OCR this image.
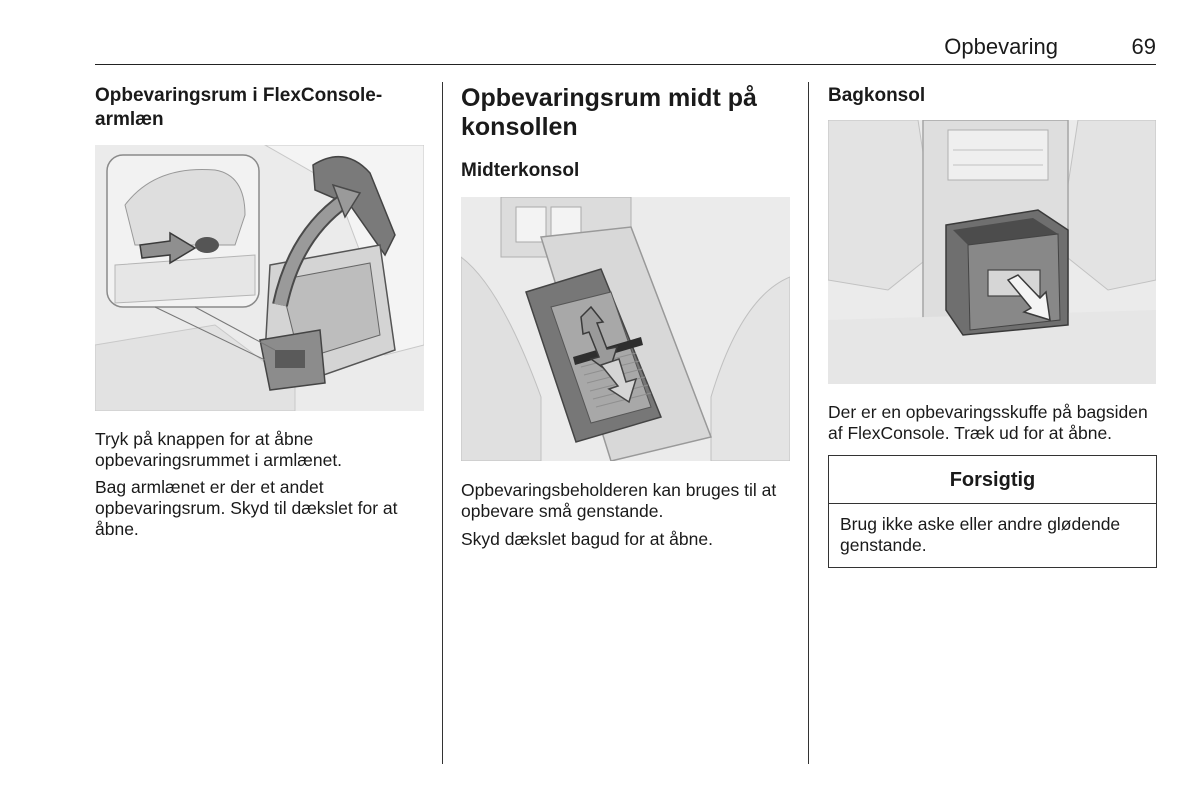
Opbevaring	69
Opbevaringsrum i FlexConsole-armlæn

Tryk på knappen for at åbne opbevaringsrummet i armlænet.

Bag armlænet er der et andet opbevaringsrum. Skyd til dækslet for at åbne.

Opbevaringsrum midt på konsollen
Midterkonsol

Opbevaringsbeholderen kan bruges til at opbevare små genstande.

Skyd dækslet bagud for at åbne.

Bagkonsol

Der er en opbevaringsskuffe på bagsiden af FlexConsole. Træk ud for at åbne.

Forsigtig
Brug ikke aske eller andre glødende genstande.
